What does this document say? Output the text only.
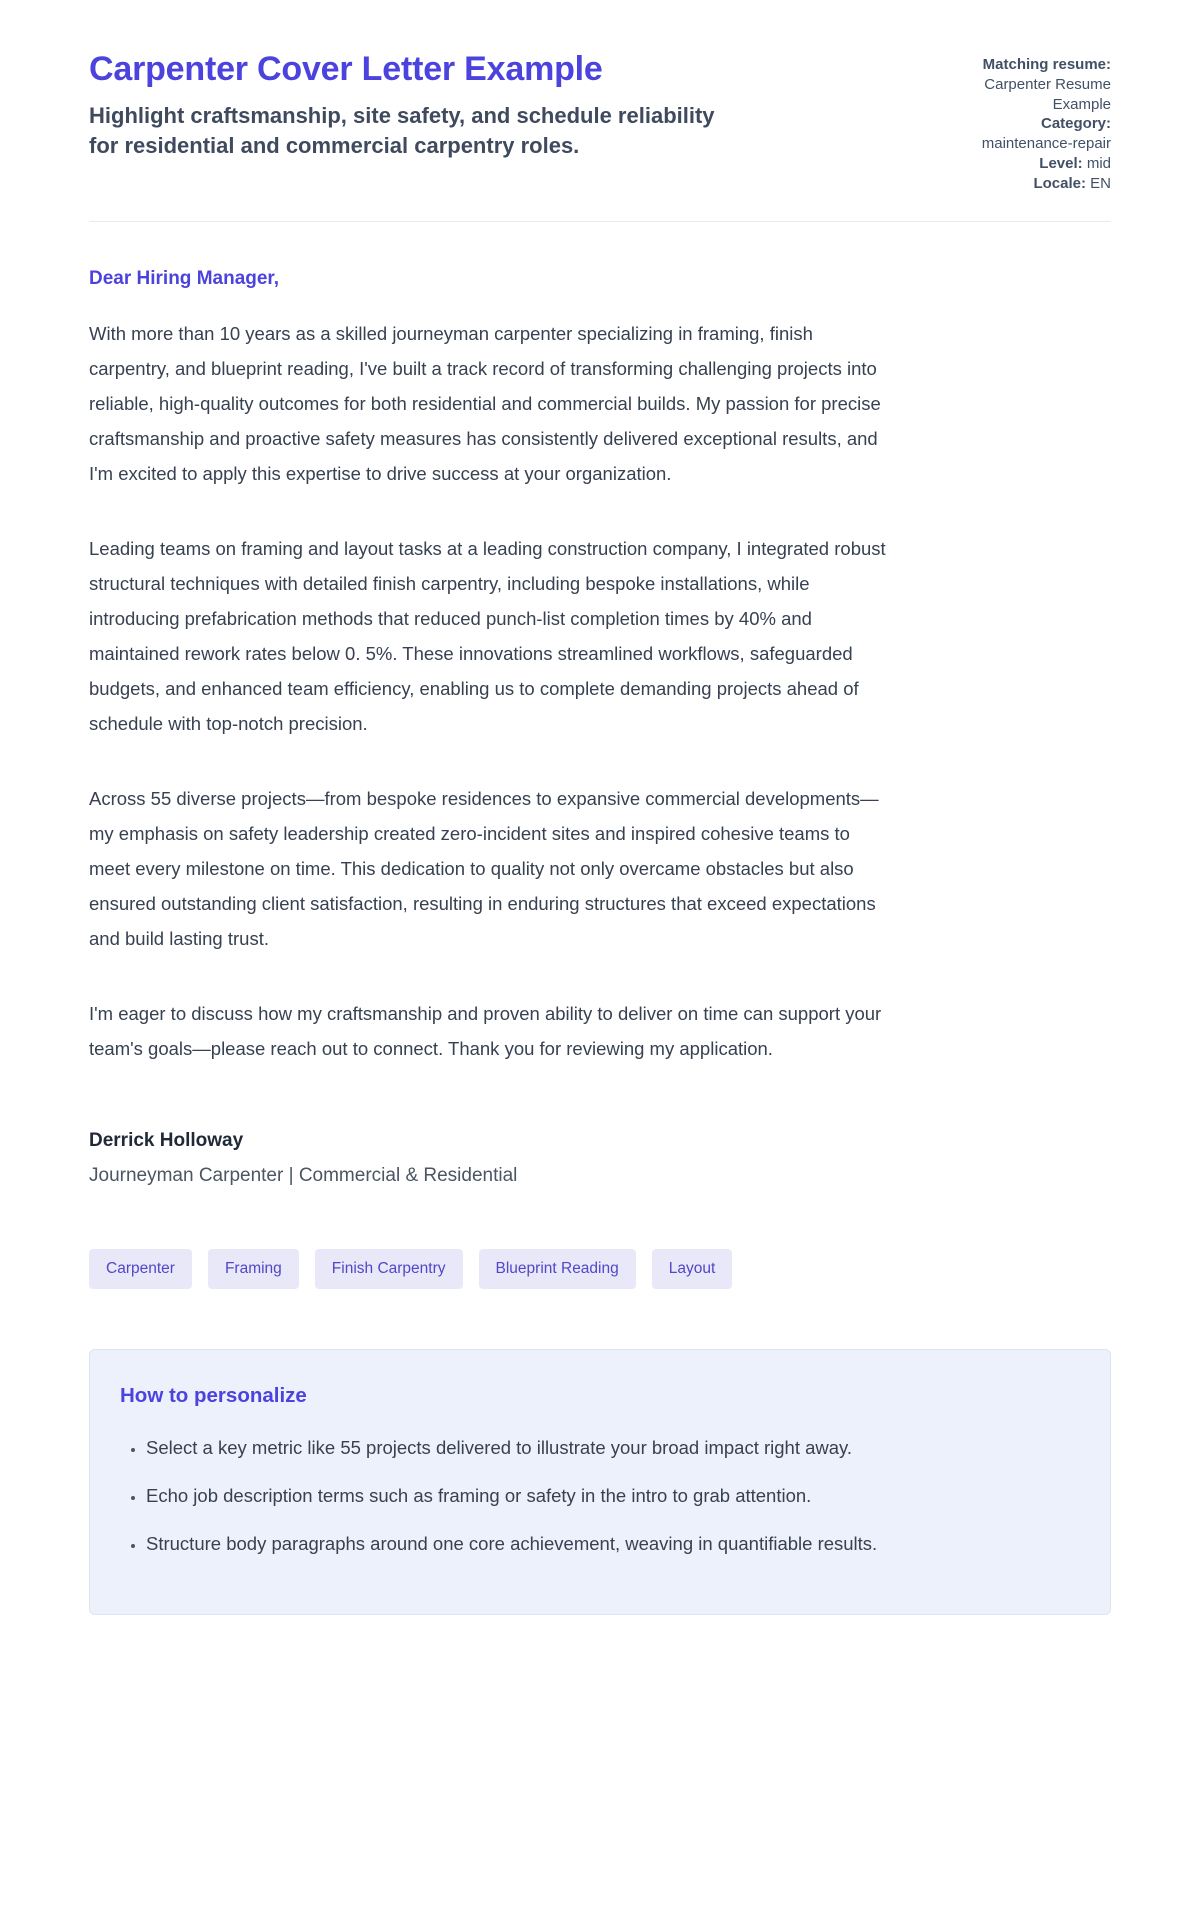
Carpenter Cover Letter Example
Highlight craftsmanship, site safety, and schedule reliability for residential and commercial carpentry roles.
Matching resume:
Carpenter Resume Example
Category:
maintenance-repair
Level: mid
Locale: EN

Dear Hiring Manager,

With more than 10 years as a skilled journeyman carpenter specializing in framing, finish carpentry, and blueprint reading, I've built a track record of transforming challenging projects into reliable, high-quality outcomes for both residential and commercial builds. My passion for precise craftsmanship and proactive safety measures has consistently delivered exceptional results, and I'm excited to apply this expertise to drive success at your organization.

Leading teams on framing and layout tasks at a leading construction company, I integrated robust structural techniques with detailed finish carpentry, including bespoke installations, while introducing prefabrication methods that reduced punch-list completion times by 40% and maintained rework rates below 0. 5%. These innovations streamlined workflows, safeguarded budgets, and enhanced team efficiency, enabling us to complete demanding projects ahead of schedule with top-notch precision.

Across 55 diverse projects—from bespoke residences to expansive commercial developments—my emphasis on safety leadership created zero-incident sites and inspired cohesive teams to meet every milestone on time. This dedication to quality not only overcame obstacles but also ensured outstanding client satisfaction, resulting in enduring structures that exceed expectations and build lasting trust.

I'm eager to discuss how my craftsmanship and proven ability to deliver on time can support your team's goals—please reach out to connect. Thank you for reviewing my application.

Derrick Holloway

Journeyman Carpenter | Commercial & Residential

Carpenter	Framing	Finish Carpentry	Blueprint Reading	Layout
How to personalize
• Select a key metric like 55 projects delivered to illustrate your broad impact right away.
• Echo job description terms such as framing or safety in the intro to grab attention.
• Structure body paragraphs around one core achievement, weaving in quantifiable results.
